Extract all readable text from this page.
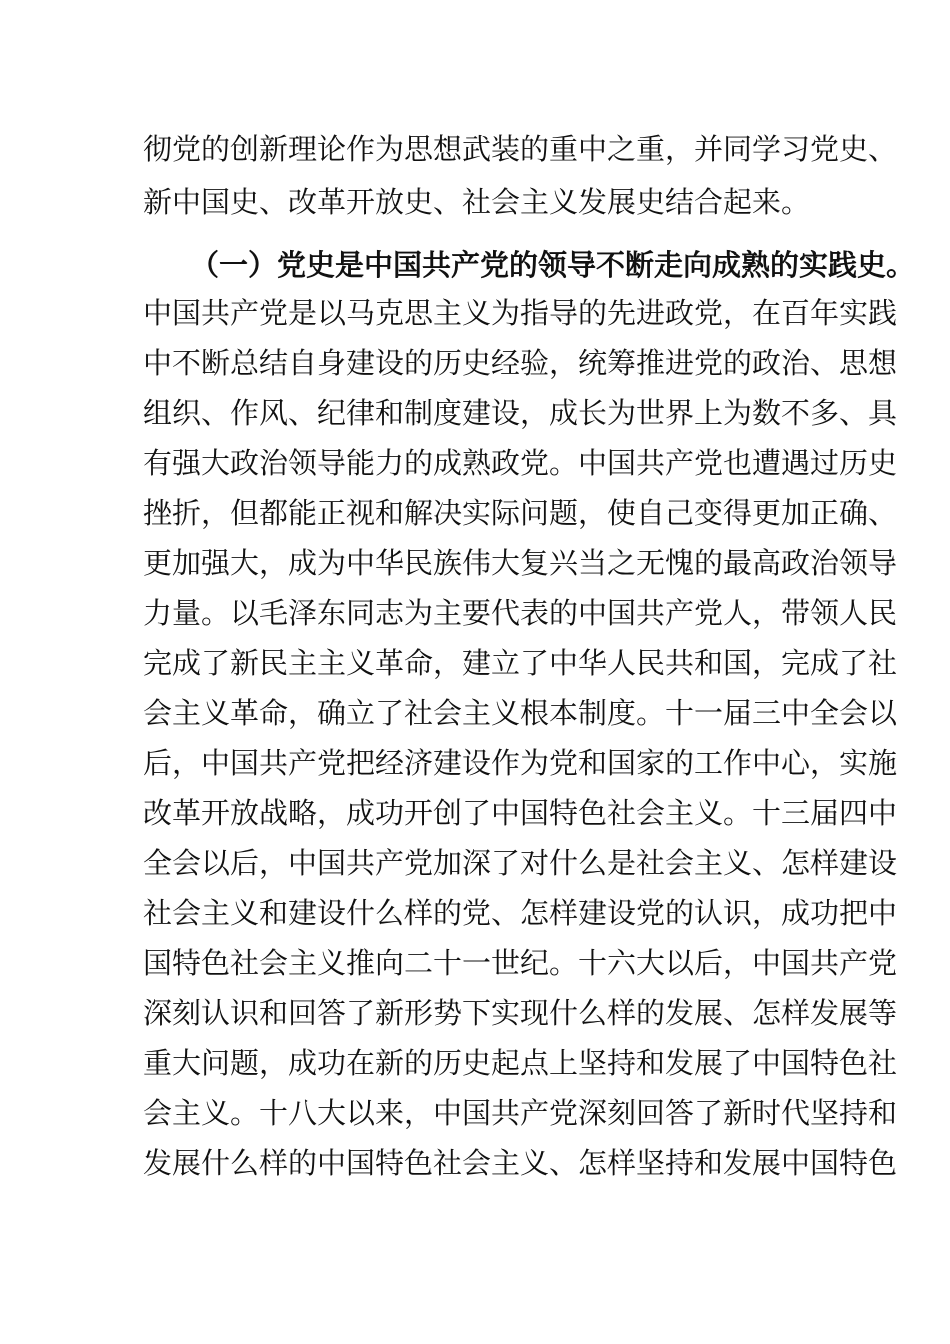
彻党的创新理论作为思想武装的重中之重，并同学习党史、
新中国史、改革开放史、社会主义发展史结合起来。
（一）党史是中国共产党的领导不断走向成熟的实践史。
中国共产党是以马克思主义为指导的先进政党，在百年实践
中不断总结自身建设的历史经验，统筹推进党的政治、思想
组织、作风、纪律和制度建设，成长为世界上为数不多、具
有强大政治领导能力的成熟政党。中国共产党也遭遇过历史
挫折，但都能正视和解决实际问题，使自己变得更加正确、
更加强大，成为中华民族伟大复兴当之无愧的最高政治领导
力量。以毛泽东同志为主要代表的中国共产党人，带领人民
完成了新民主主义革命，建立了中华人民共和国，完成了社
会主义革命，确立了社会主义根本制度。十一届三中全会以
后，中国共产党把经济建设作为党和国家的工作中心，实施
改革开放战略，成功开创了中国特色社会主义。十三届四中
全会以后，中国共产党加深了对什么是社会主义、怎样建设
社会主义和建设什么样的党、怎样建设党的认识，成功把中
国特色社会主义推向二十一世纪。十六大以后，中国共产党
深刻认识和回答了新形势下实现什么样的发展、怎样发展等
重大问题，成功在新的历史起点上坚持和发展了中国特色社
会主义。十八大以来，中国共产党深刻回答了新时代坚持和
发展什么样的中国特色社会主义、怎样坚持和发展中国特色
